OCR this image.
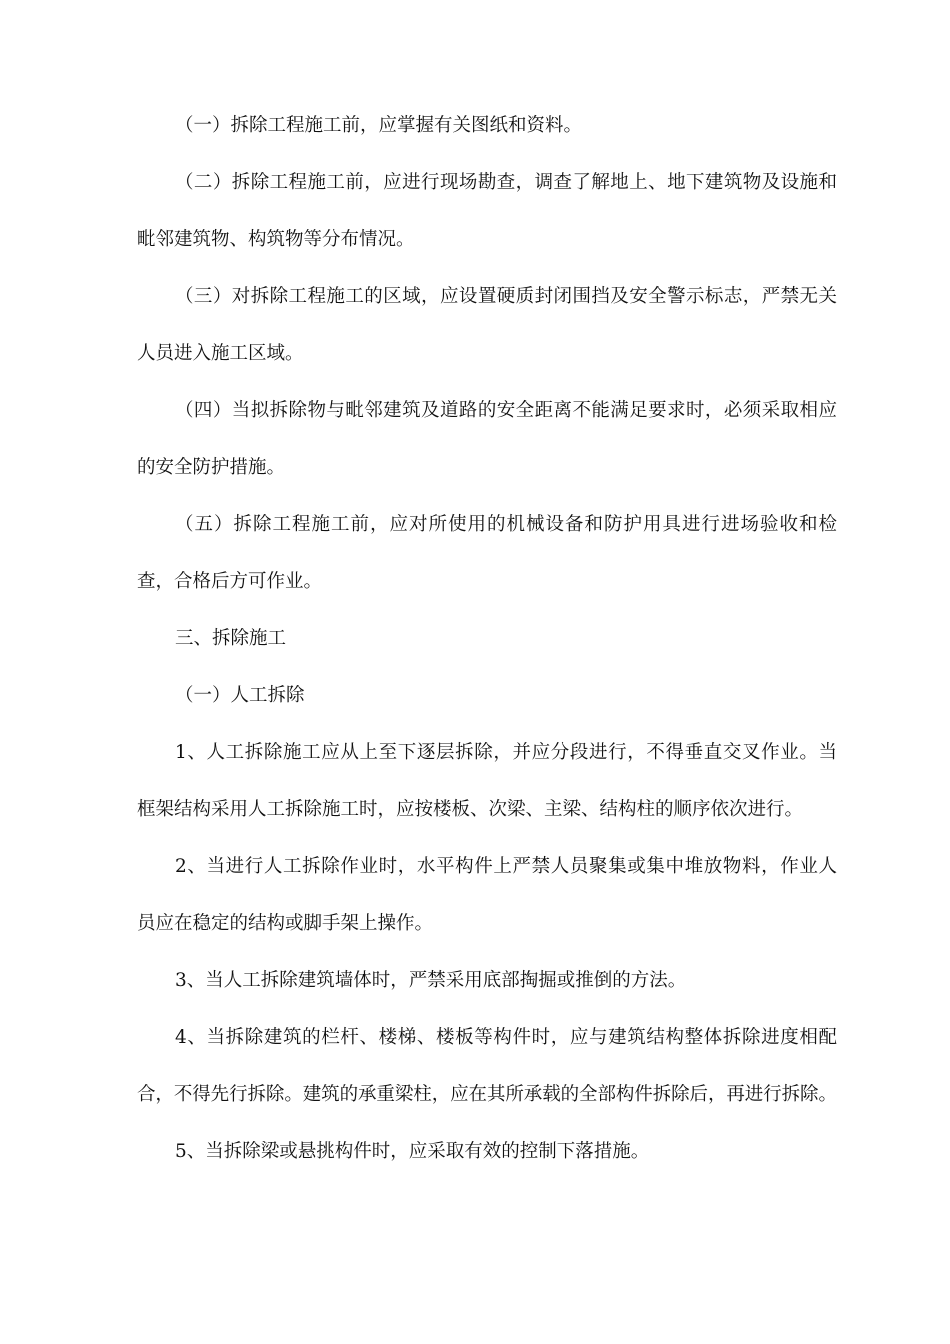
（一）拆除工程施工前，应掌握有关图纸和资料。
（二）拆除工程施工前，应进行现场勘查，调查了解地上、地下建筑物及设施和
毗邻建筑物、构筑物等分布情况。
（三）对拆除工程施工的区域，应设置硬质封闭围挡及安全警示标志，严禁无关
人员进入施工区域。
（四）当拟拆除物与毗邻建筑及道路的安全距离不能满足要求时，必须采取相应
的安全防护措施。
（五）拆除工程施工前，应对所使用的机械设备和防护用具进行进场验收和检
查，合格后方可作业。
三、拆除施工
（一）人工拆除
1、人工拆除施工应从上至下逐层拆除，并应分段进行，不得垂直交叉作业。当
框架结构采用人工拆除施工时，应按楼板、次梁、主梁、结构柱的顺序依次进行。
2、当进行人工拆除作业时，水平构件上严禁人员聚集或集中堆放物料，作业人
员应在稳定的结构或脚手架上操作。
3、当人工拆除建筑墙体时，严禁采用底部掏掘或推倒的方法。
4、当拆除建筑的栏杆、楼梯、楼板等构件时，应与建筑结构整体拆除进度相配
合，不得先行拆除。建筑的承重梁柱，应在其所承载的全部构件拆除后，再进行拆除。
5、当拆除梁或悬挑构件时，应采取有效的控制下落措施。
